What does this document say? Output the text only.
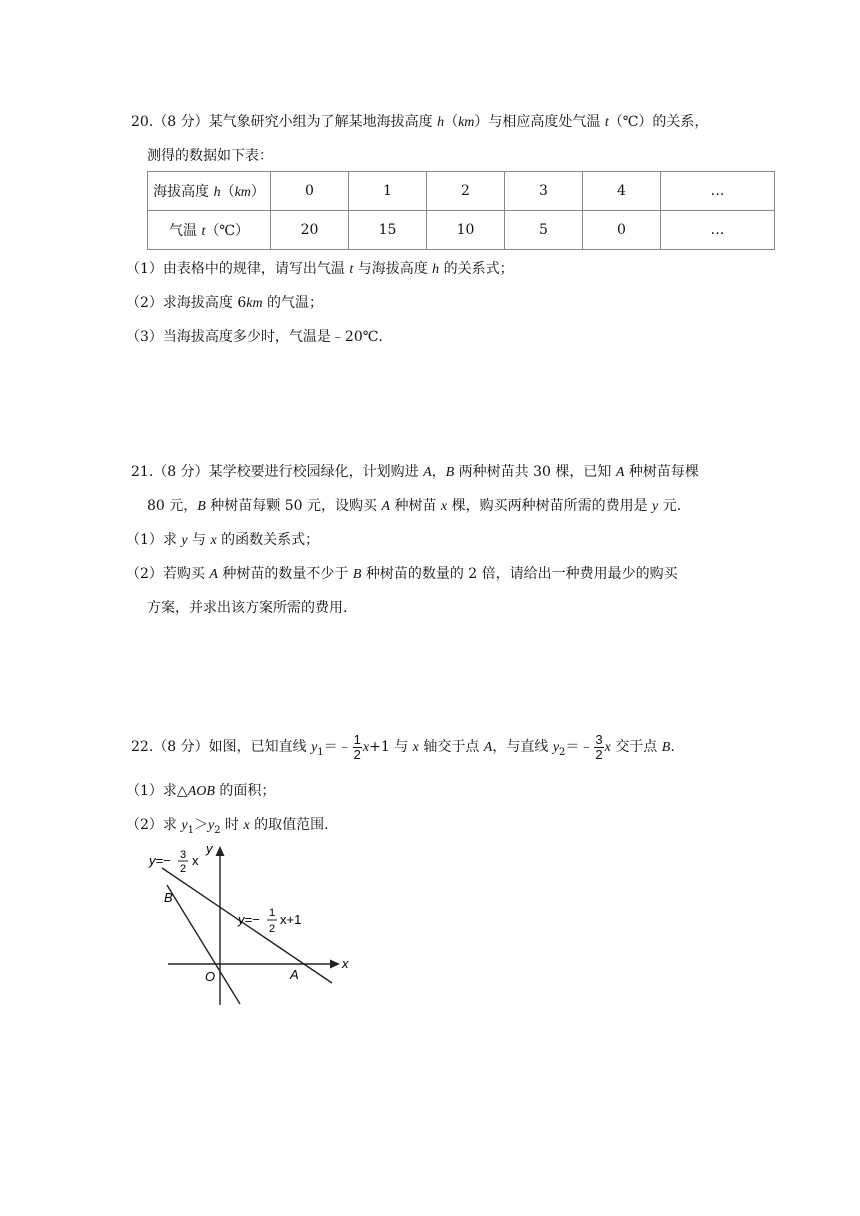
20.（8 分）某气象研究小组为了解某地海拔高度 h（km）与相应高度处气温 t（℃）的关系，
测得的数据如下表：
海拔高度 h（km）	0	1	2	3	4	…
气温 t（℃）	20	15	10	5	0	…
（1）由表格中的规律，请写出气温 t 与海拔高度 h 的关系式；
（2）求海拔高度 6km 的气温；
（3）当海拔高度多少时，气温是﹣20℃.
21.（8 分）某学校要进行校园绿化，计划购进 A，B 两种树苗共 30 棵，已知 A 种树苗每棵
80 元，B 种树苗每颗 50 元，设购买 A 种树苗 x 棵，购买两种树苗所需的费用是 y 元.
（1）求 y 与 x 的函数关系式；
（2）若购买 A 种树苗的数量不少于 B 种树苗的数量的 2 倍，请给出一种费用最少的购买
方案，并求出该方案所需的费用.
22.（8 分）如图，已知直线 $y_1=﹣ \frac{1}{2} x+1$ 与 x 轴交于点 A，与直线 $y_2=﹣ \frac{3}{2}$ x 交于点 B.
（1）求△AOB 的面积；
（2）求 $y_1>y_2$ 时 x 的取值范围.
y=− 3
2
x
y=− 1
2
x+1
x
y
B
O	A
